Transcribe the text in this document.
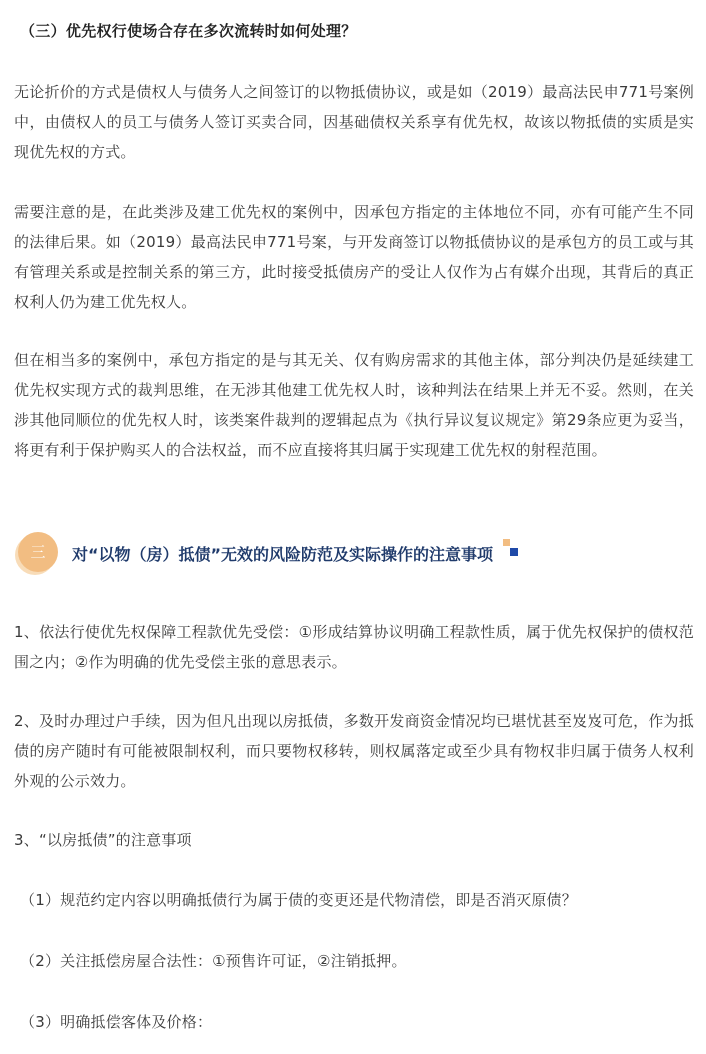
（三）优先权行使场合存在多次流转时如何处理？

无论折价的方式是债权人与债务人之间签订的以物抵债协议，或是如（2019）最高法民申771号案例中，由债权人的员工与债务人签订买卖合同，因基础债权关系享有优先权，故该以物抵债的实质是实现优先权的方式。

需要注意的是，在此类涉及建工优先权的案例中，因承包方指定的主体地位不同，亦有可能产生不同的法律后果。如（2019）最高法民申771号案，与开发商签订以物抵债协议的是承包方的员工或与其有管理关系或是控制关系的第三方，此时接受抵债房产的受让人仅作为占有媒介出现，其背后的真正权利人仍为建工优先权人。

但在相当多的案例中，承包方指定的是与其无关、仅有购房需求的其他主体，部分判决仍是延续建工优先权实现方式的裁判思维，在无涉其他建工优先权人时，该种判法在结果上并无不妥。然则，在关涉其他同顺位的优先权人时，该类案件裁判的逻辑起点为《执行异议复议规定》第29条应更为妥当，将更有利于保护购买人的合法权益，而不应直接将其归属于实现建工优先权的射程范围。

三	对“以物（房）抵债”无效的风险防范及实际操作的注意事项

1、依法行使优先权保障工程款优先受偿：①形成结算协议明确工程款性质，属于优先权保护的债权范围之内；②作为明确的优先受偿主张的意思表示。

2、及时办理过户手续，因为但凡出现以房抵债，多数开发商资金情况均已堪忧甚至岌岌可危，作为抵债的房产随时有可能被限制权利，而只要物权移转，则权属落定或至少具有物权非归属于债务人权利外观的公示效力。

3、“以房抵债”的注意事项

（1）规范约定内容以明确抵债行为属于债的变更还是代物清偿，即是否消灭原债？

（2）关注抵偿房屋合法性：①预售许可证，②注销抵押。

（3）明确抵偿客体及价格：
